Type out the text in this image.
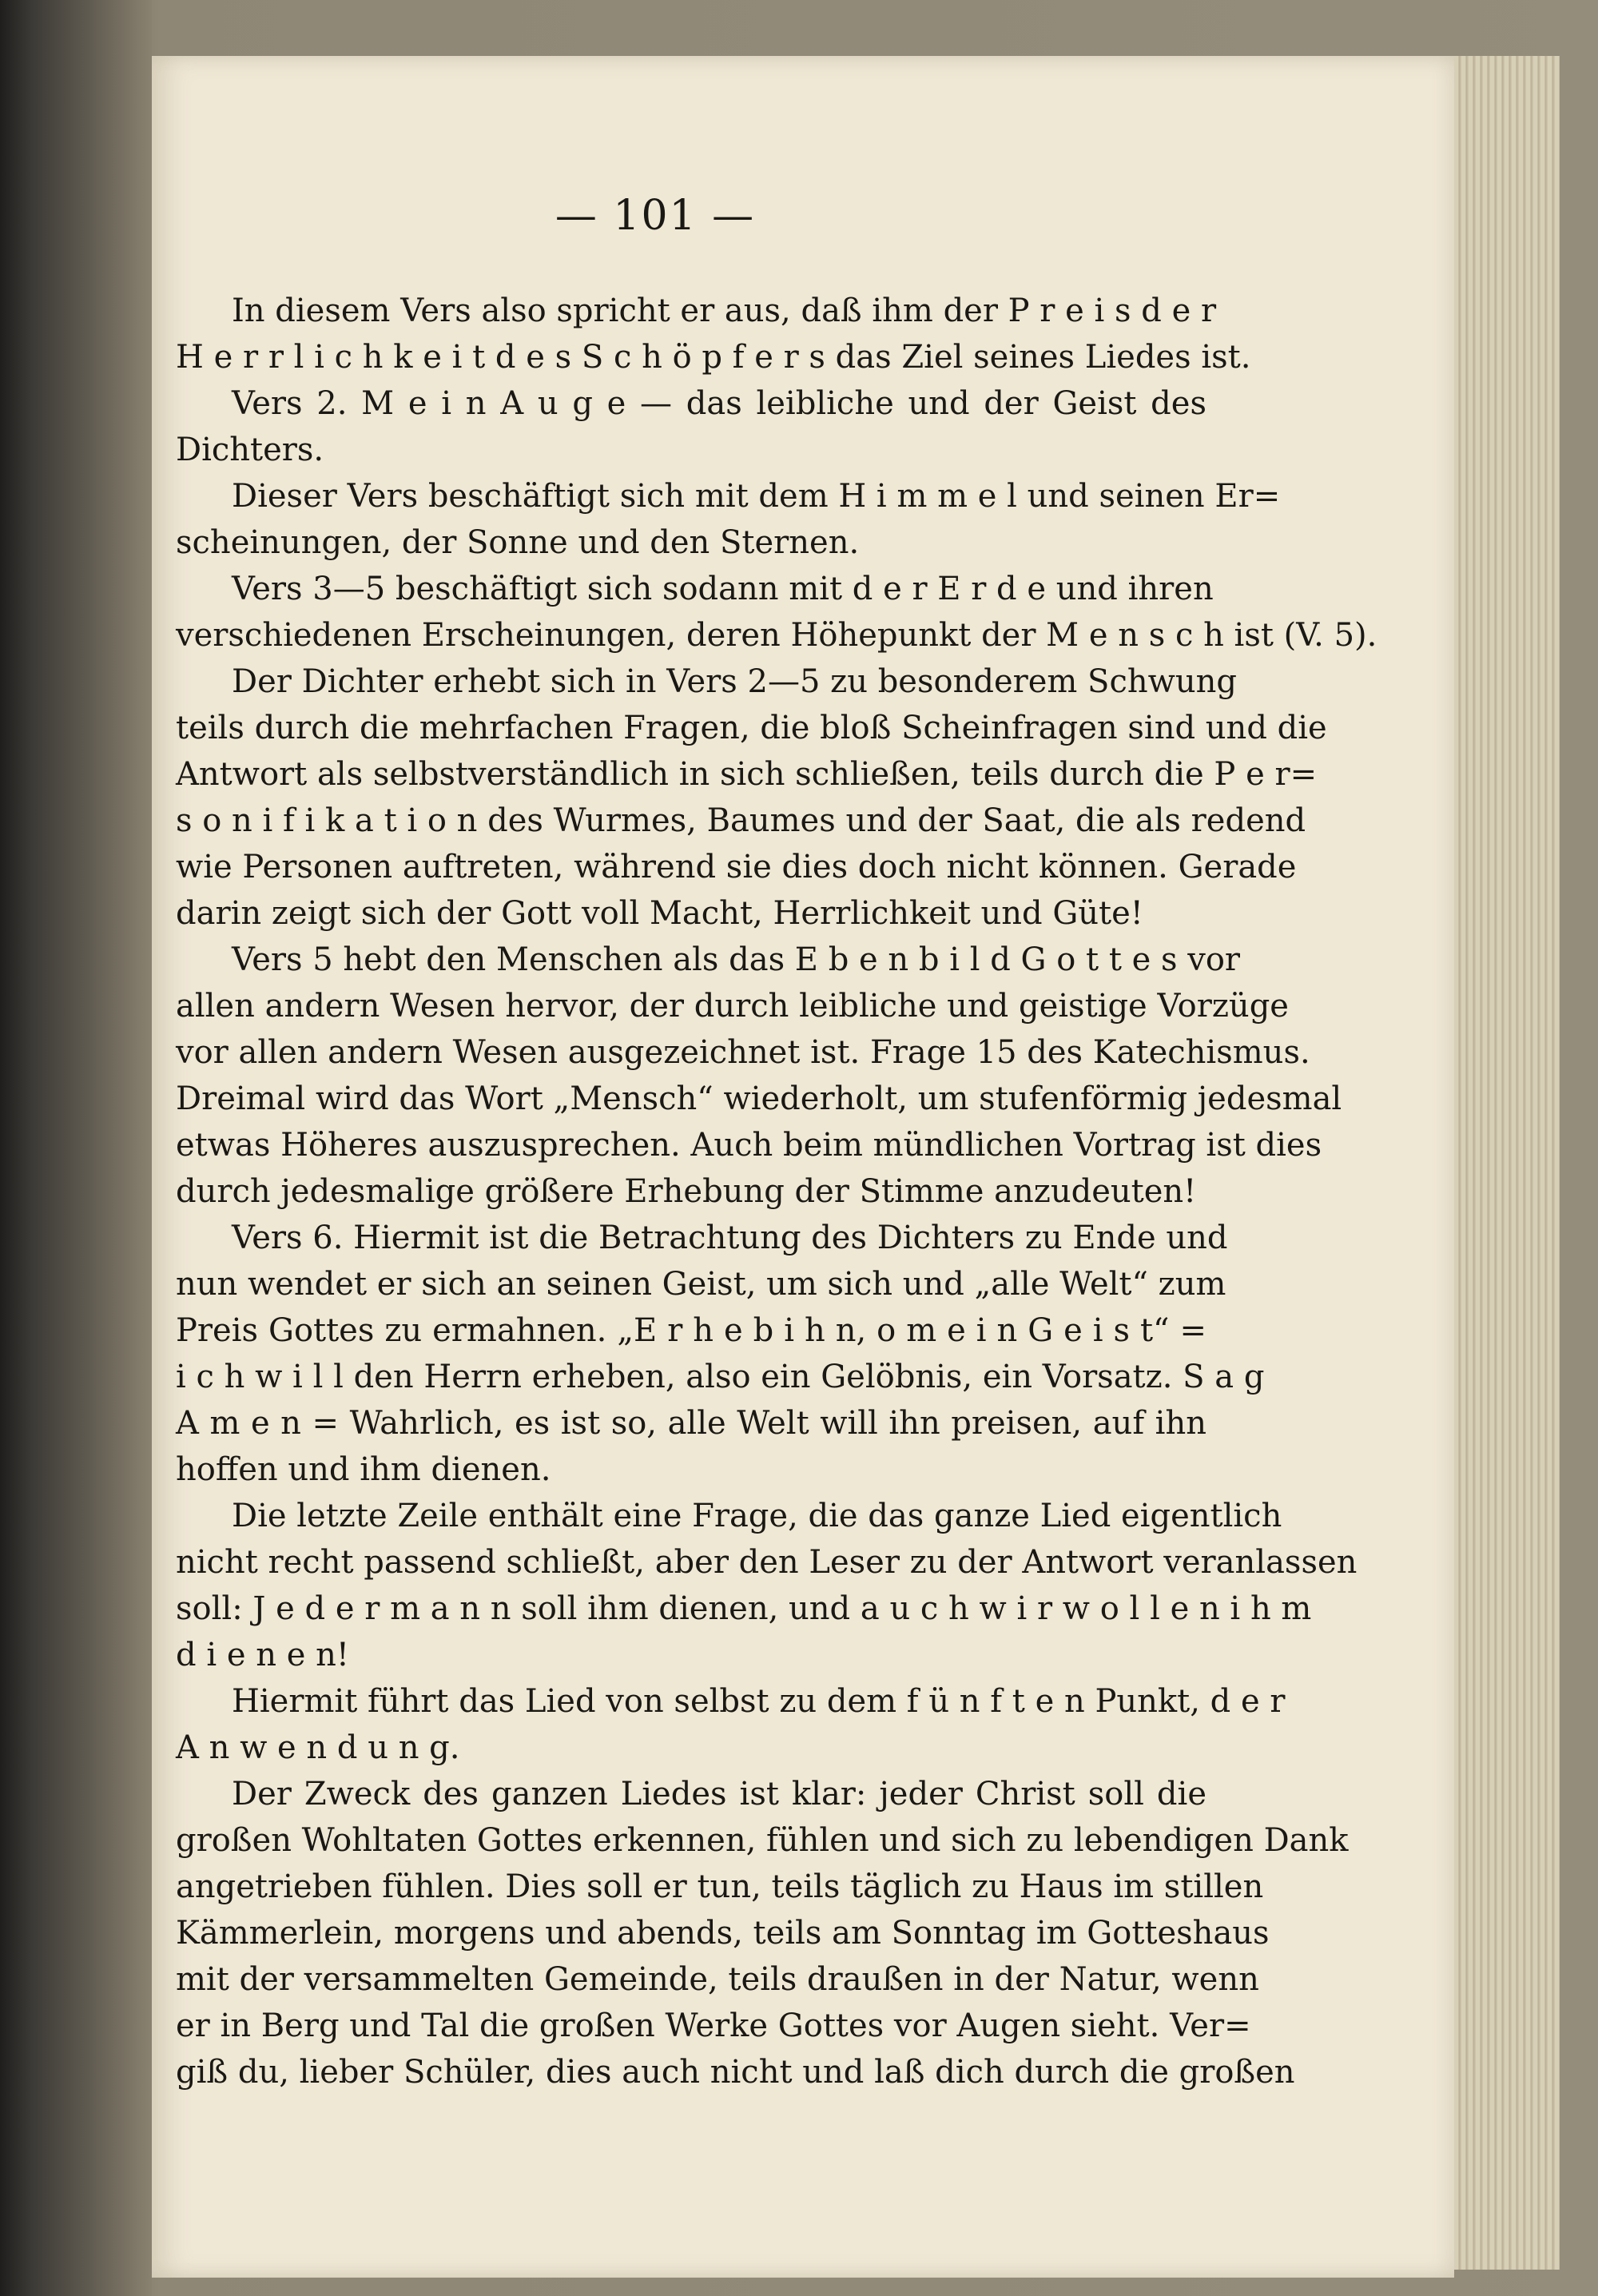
— 101 —
In diesem Vers also spricht er aus, daß ihm der P r e i s d e r
H e r r l i c h k e i t d e s S c h ö p f e r s das Ziel seines Liedes ist.
Vers 2. M e i n A u g e — das leibliche und der Geist des
Dichters.
Dieser Vers beschäftigt sich mit dem H i m m e l und seinen Er=
scheinungen, der Sonne und den Sternen.
Vers 3—5 beschäftigt sich sodann mit d e r E r d e und ihren
verschiedenen Erscheinungen, deren Höhepunkt der M e n s c h ist (V. 5).
Der Dichter erhebt sich in Vers 2—5 zu besonderem Schwung
teils durch die mehrfachen Fragen, die bloß Scheinfragen sind und die
Antwort als selbstverständlich in sich schließen, teils durch die P e r=
s o n i f i k a t i o n des Wurmes, Baumes und der Saat, die als redend
wie Personen auftreten, während sie dies doch nicht können. Gerade
darin zeigt sich der Gott voll Macht, Herrlichkeit und Güte!
Vers 5 hebt den Menschen als das E b e n b i l d G o t t e s vor
allen andern Wesen hervor, der durch leibliche und geistige Vorzüge
vor allen andern Wesen ausgezeichnet ist. Frage 15 des Katechismus.
Dreimal wird das Wort „Mensch“ wiederholt, um stufenförmig jedesmal
etwas Höheres auszusprechen. Auch beim mündlichen Vortrag ist dies
durch jedesmalige größere Erhebung der Stimme anzudeuten!
Vers 6. Hiermit ist die Betrachtung des Dichters zu Ende und
nun wendet er sich an seinen Geist, um sich und „alle Welt“ zum
Preis Gottes zu ermahnen. „E r h e b i h n, o m e i n G e i s t“ =
i c h w i l l den Herrn erheben, also ein Gelöbnis, ein Vorsatz. S a g
A m e n = Wahrlich, es ist so, alle Welt will ihn preisen, auf ihn
hoffen und ihm dienen.
Die letzte Zeile enthält eine Frage, die das ganze Lied eigentlich
nicht recht passend schließt, aber den Leser zu der Antwort veranlassen
soll: J e d e r m a n n soll ihm dienen, und a u c h w i r w o l l e n i h m
d i e n e n!
Hiermit führt das Lied von selbst zu dem f ü n f t e n Punkt, d e r
A n w e n d u n g.
Der Zweck des ganzen Liedes ist klar: jeder Christ soll die
großen Wohltaten Gottes erkennen, fühlen und sich zu lebendigen Dank
angetrieben fühlen. Dies soll er tun, teils täglich zu Haus im stillen
Kämmerlein, morgens und abends, teils am Sonntag im Gotteshaus
mit der versammelten Gemeinde, teils draußen in der Natur, wenn
er in Berg und Tal die großen Werke Gottes vor Augen sieht. Ver=
giß du, lieber Schüler, dies auch nicht und laß dich durch die großen
